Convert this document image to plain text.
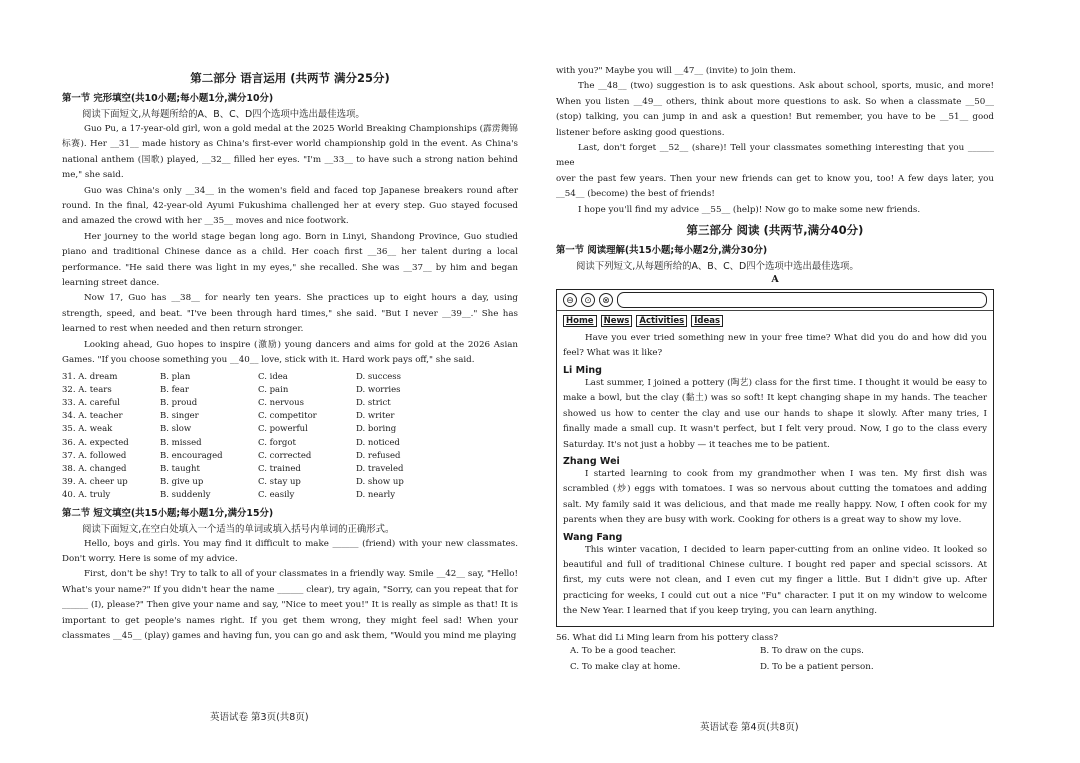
第二部分 语言运用 (共两节 满分25分)

第一节 完形填空(共10小题;每小题1分,满分10分)

阅读下面短文,从每题所给的A、B、C、D四个选项中选出最佳选项。

Guo Pu, a 17-year-old girl, won a gold medal at the 2025 World Breaking Championships (霹雳舞锦标赛). Her __31__ made history as China's first-ever world championship gold in the event. As China's national anthem (国歌) played, __32__ filled her eyes. "I'm __33__ to have such a strong nation behind me," she said.

Guo was China's only __34__ in the women's field and faced top Japanese breakers round after round. In the final, 42-year-old Ayumi Fukushima challenged her at every step. Guo stayed focused and amazed the crowd with her __35__ moves and nice footwork.

Her journey to the world stage began long ago. Born in Linyi, Shandong Province, Guo studied piano and traditional Chinese dance as a child. Her coach first __36__ her talent during a local performance. "He said there was light in my eyes," she recalled. She was __37__ by him and began learning street dance.

Now 17, Guo has __38__ for nearly ten years. She practices up to eight hours a day, using strength, speed, and beat. "I've been through hard times," she said. "But I never __39__." She has learned to rest when needed and then return stronger.

Looking ahead, Guo hopes to inspire (激励) young dancers and aims for gold at the 2026 Asian Games. "If you choose something you __40__ love, stick with it. Hard work pays off," she said.

31. A. dream	B. plan	C. idea	D. success
32. A. tears	B. fear	C. pain	D. worries
33. A. careful	B. proud	C. nervous	D. strict
34. A. teacher	B. singer	C. competitor	D. writer
35. A. weak	B. slow	C. powerful	D. boring
36. A. expected	B. missed	C. forgot	D. noticed
37. A. followed	B. encouraged	C. corrected	D. refused
38. A. changed	B. taught	C. trained	D. traveled
39. A. cheer up	B. give up	C. stay up	D. show up
40. A. truly	B. suddenly	C. easily	D. nearly

第二节 短文填空(共15小题;每小题1分,满分15分)

阅读下面短文,在空白处填入一个适当的单词或填入括号内单词的正确形式。

Hello, boys and girls. You may find it difficult to make ______ (friend) with your new classmates. Don't worry. Here is some of my advice.

First, don't be shy! Try to talk to all of your classmates in a friendly way. Smile __42__ say, "Hello! What's your name?" If you didn't hear the name ______ clear), try again, "Sorry, can you repeat that for ______ (I), please?" Then give your name and say, "Nice to meet you!" It is really as simple as that! It is important to get people's names right. If you get them wrong, they might feel sad! When your classmates __45__ (play) games and having fun, you can go and ask them, "Would you mind me playing

英语试卷 第3页(共8页)

with you?" Maybe you will __47__ (invite) to join them.

The __48__ (two) suggestion is to ask questions. Ask about school, sports, music, and more! When you listen __49__ others, think about more questions to ask. So when a classmate __50__ (stop) talking, you can jump in and ask a question! But remember, you have to be __51__ good listener before asking good questions.

Last, don't forget __52__ (share)! Tell your classmates something interesting that you ______ mee

over the past few years. Then your new friends can get to know you, too! A few days later, you __54__ (become) the best of friends!

I hope you'll find my advice __55__ (help)! Now go to make some new friends.

第三部分 阅读 (共两节,满分40分)

第一节 阅读理解(共15小题;每小题2分,满分30分)

阅读下列短文,从每题所给的A、B、C、D四个选项中选出最佳选项。

A

⊖	⊙	⊗
Home	News	Activities	Ideas

Have you ever tried something new in your free time? What did you do and how did you feel? What was it like?

Li Ming

Last summer, I joined a pottery (陶艺) class for the first time. I thought it would be easy to make a bowl, but the clay (黏土) was so soft! It kept changing shape in my hands. The teacher showed us how to center the clay and use our hands to shape it slowly. After many tries, I finally made a small cup. It wasn't perfect, but I felt very proud. Now, I go to the class every Saturday. It's not just a hobby — it teaches me to be patient.

Zhang Wei

I started learning to cook from my grandmother when I was ten. My first dish was scrambled (炒) eggs with tomatoes. I was so nervous about cutting the tomatoes and adding salt. My family said it was delicious, and that made me really happy. Now, I often cook for my parents when they are busy with work. Cooking for others is a great way to show my love.

Wang Fang

This winter vacation, I decided to learn paper-cutting from an online video. It looked so beautiful and full of traditional Chinese culture. I bought red paper and special scissors. At first, my cuts were not clean, and I even cut my finger a little. But I didn't give up. After practicing for weeks, I could cut out a nice "Fu" character. I put it on my window to welcome the New Year. I learned that if you keep trying, you can learn anything.

56. What did Li Ming learn from his pottery class?

A. To be a good teacher.	B. To draw on the cups.
C. To make clay at home.	D. To be a patient person.
英语试卷 第4页(共8页)
